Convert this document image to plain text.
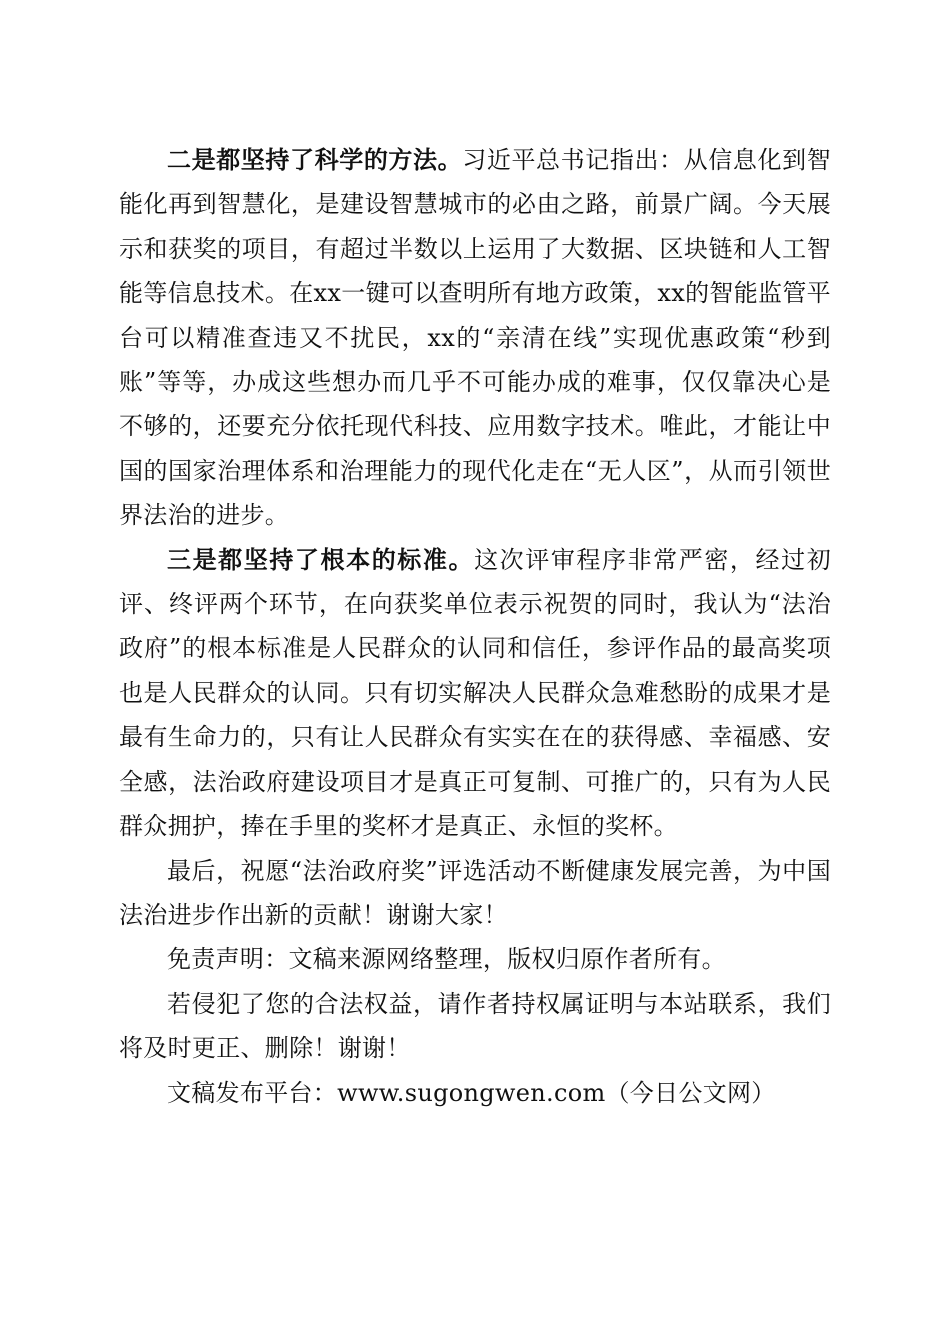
二是都坚持了科学的方法。习近平总书记指出：从信息化到智能化再到智慧化，是建设智慧城市的必由之路，前景广阔。今天展示和获奖的项目，有超过半数以上运用了大数据、区块链和人工智能等信息技术。在xx一键可以查明所有地方政策，xx的智能监管平台可以精准查违又不扰民，xx的“亲清在线”实现优惠政策“秒到账”等等，办成这些想办而几乎不可能办成的难事，仅仅靠决心是不够的，还要充分依托现代科技、应用数字技术。唯此，才能让中国的国家治理体系和治理能力的现代化走在“无人区”，从而引领世界法治的进步。

三是都坚持了根本的标准。这次评审程序非常严密，经过初评、终评两个环节，在向获奖单位表示祝贺的同时，我认为“法治政府”的根本标准是人民群众的认同和信任，参评作品的最高奖项也是人民群众的认同。只有切实解决人民群众急难愁盼的成果才是最有生命力的，只有让人民群众有实实在在的获得感、幸福感、安全感，法治政府建设项目才是真正可复制、可推广的，只有为人民群众拥护，捧在手里的奖杯才是真正、永恒的奖杯。

最后，祝愿“法治政府奖”评选活动不断健康发展完善，为中国法治进步作出新的贡献！谢谢大家！

免责声明：文稿来源网络整理，版权归原作者所有。

若侵犯了您的合法权益，请作者持权属证明与本站联系，我们将及时更正、删除！谢谢！

文稿发布平台：www.sugongwen.com（今日公文网）
